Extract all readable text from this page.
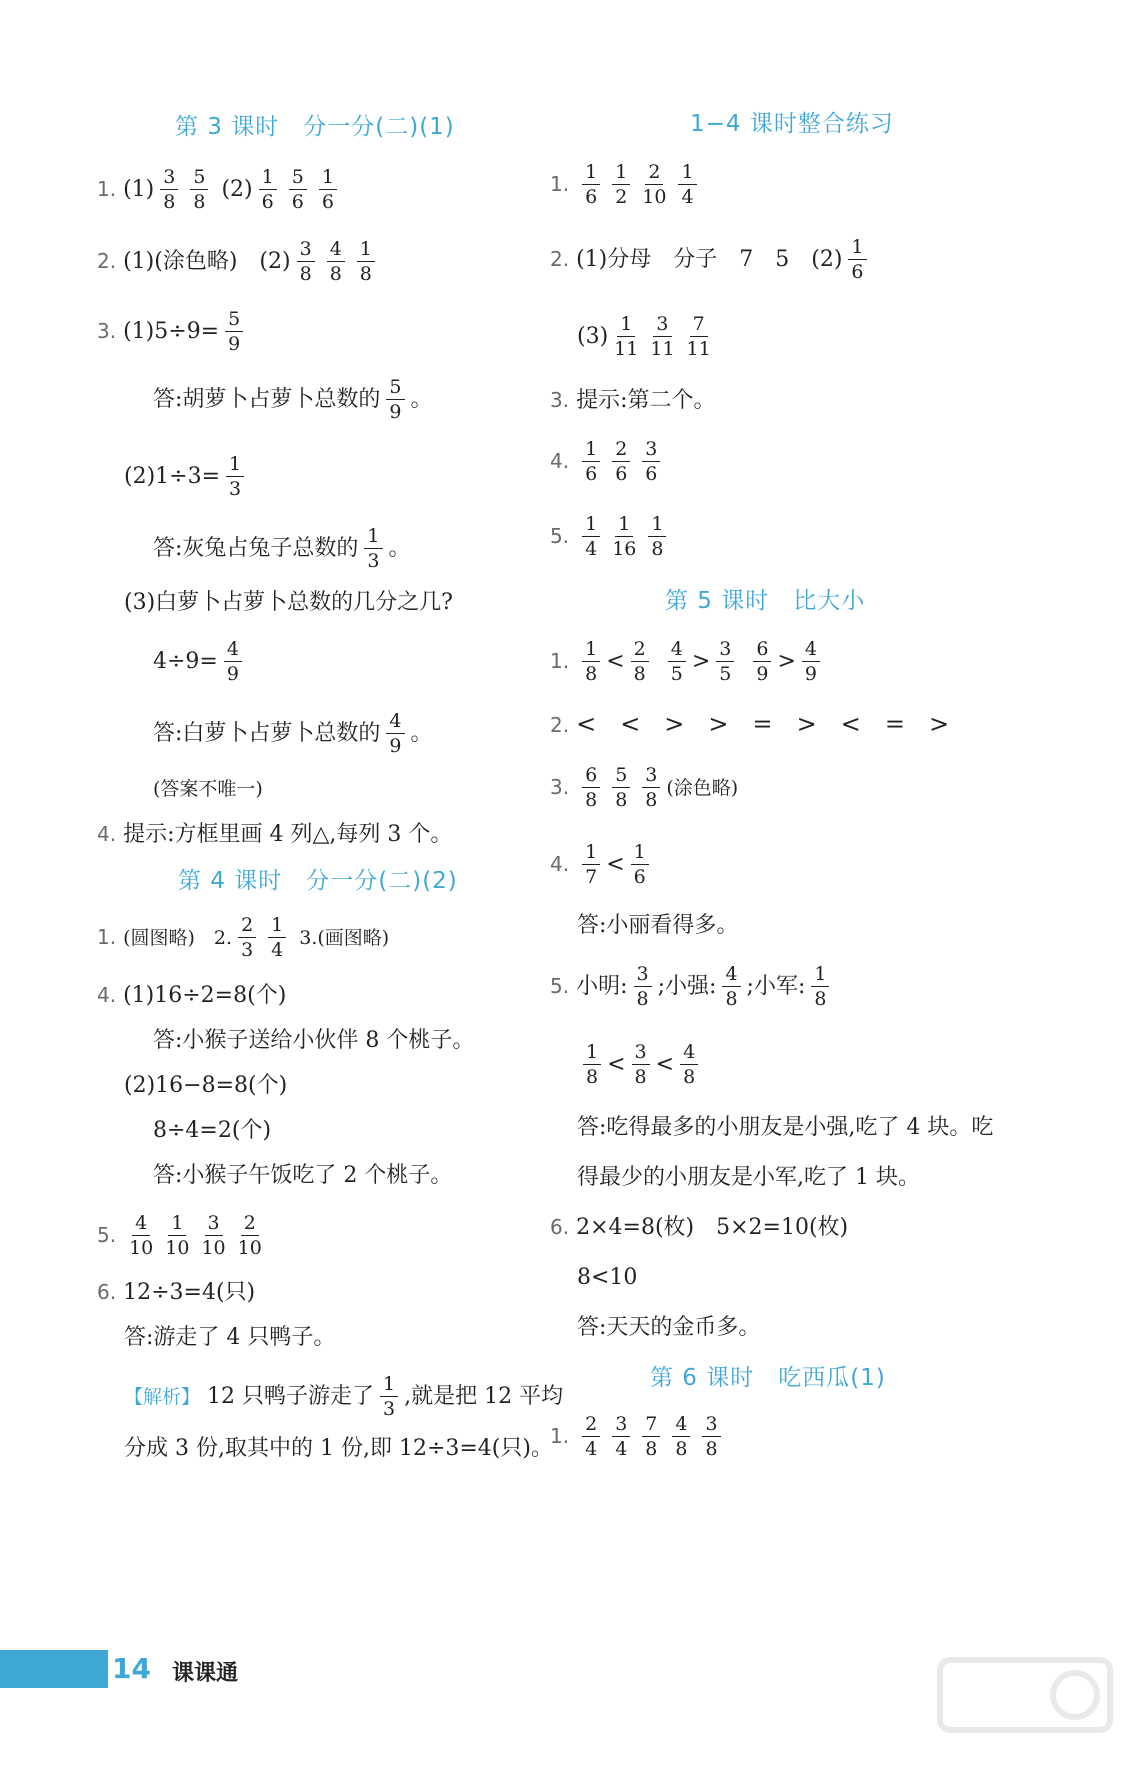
14 课课通
第 3 课时　分一分(二)(1)
1. $(1) \frac{3}{8} \frac{5}{8} (2) \frac{1}{6} \frac{5}{6} \frac{1}{6}$
2. (1)(涂色略)　$(2) \frac{3}{8} \frac{4}{8} \frac{1}{8}$
3. $(1)5\div 9= \frac{5}{9}$
答:胡萝卜占萝卜总数的 $\frac{5}{9}$ 。
$(2)1\div 3= \frac{1}{3}$
答:灰兔占兔子总数的 $\frac{1}{3}$ 。
(3)白萝卜占萝卜总数的几分之几?
$4\div 9= \frac{4}{9}$
答:白萝卜占萝卜总数的 $\frac{4}{9}$ 。
(答案不唯一)
4. 提示:方框里画 4 列△,每列 3 个。
第 4 课时　分一分(二)(2)
1. (圆图略)　2. $\frac{2}{3} \frac{1}{4} 3$.(画图略)
4. (1)16÷2=8(个)
答:小猴子送给小伙伴 8 个桃子。
(2)16−8=8(个)
8÷4=2(个)
答:小猴子午饭吃了 2 个桃子。
5. $\frac{4}{10} \frac{1}{10} \frac{3}{10} \frac{2}{10}$
6. 12÷3=4(只)
答:游走了 4 只鸭子。
【解析】 12 只鸭子游走了 $\frac{1}{3}$ ,就是把 12 平均
分成 3 份,取其中的 1 份,即 12÷3=4(只)。
1−4 课时整合练习
1. $\frac{1}{6} \frac{1}{2} \frac{2}{10} \frac{1}{4}$
2. (1)分母　分子　7　5　$(2) \frac{1}{6}$
$(3) \frac{1}{11} \frac{3}{11} \frac{7}{11}$
3. 提示:第二个。
4. $\frac{1}{6} \frac{2}{6} \frac{3}{6}$
5. $\frac{1}{4} \frac{1}{16} \frac{1}{8}$
第 5 课时　比大小
1. $\frac{1}{8} < \frac{2}{8}$
$\frac{4}{5} > \frac{3}{5}$
$\frac{6}{9} > \frac{4}{9}$
2. <　<　>　>　=　>　<　=　>
3. $\frac{6}{8} \frac{5}{8} \frac{3}{8}$ (涂色略)
4. $\frac{1}{7} < \frac{1}{6}$
答:小丽看得多。
5. 小明: $\frac{3}{8}$ ;小强: $\frac{4}{8}$ ;小军: $\frac{1}{8}$
$\frac{1}{8} < \frac{3}{8} < \frac{4}{8}$
答:吃得最多的小朋友是小强,吃了 4 块。吃
得最少的小朋友是小军,吃了 1 块。
6. 2×4=8(枚)　5×2=10(枚)
8<10
答:天天的金币多。
第 6 课时　吃西瓜(1)
1. $\frac{2}{4} \frac{3}{4} \frac{7}{8} \frac{4}{8} \frac{3}{8}$
